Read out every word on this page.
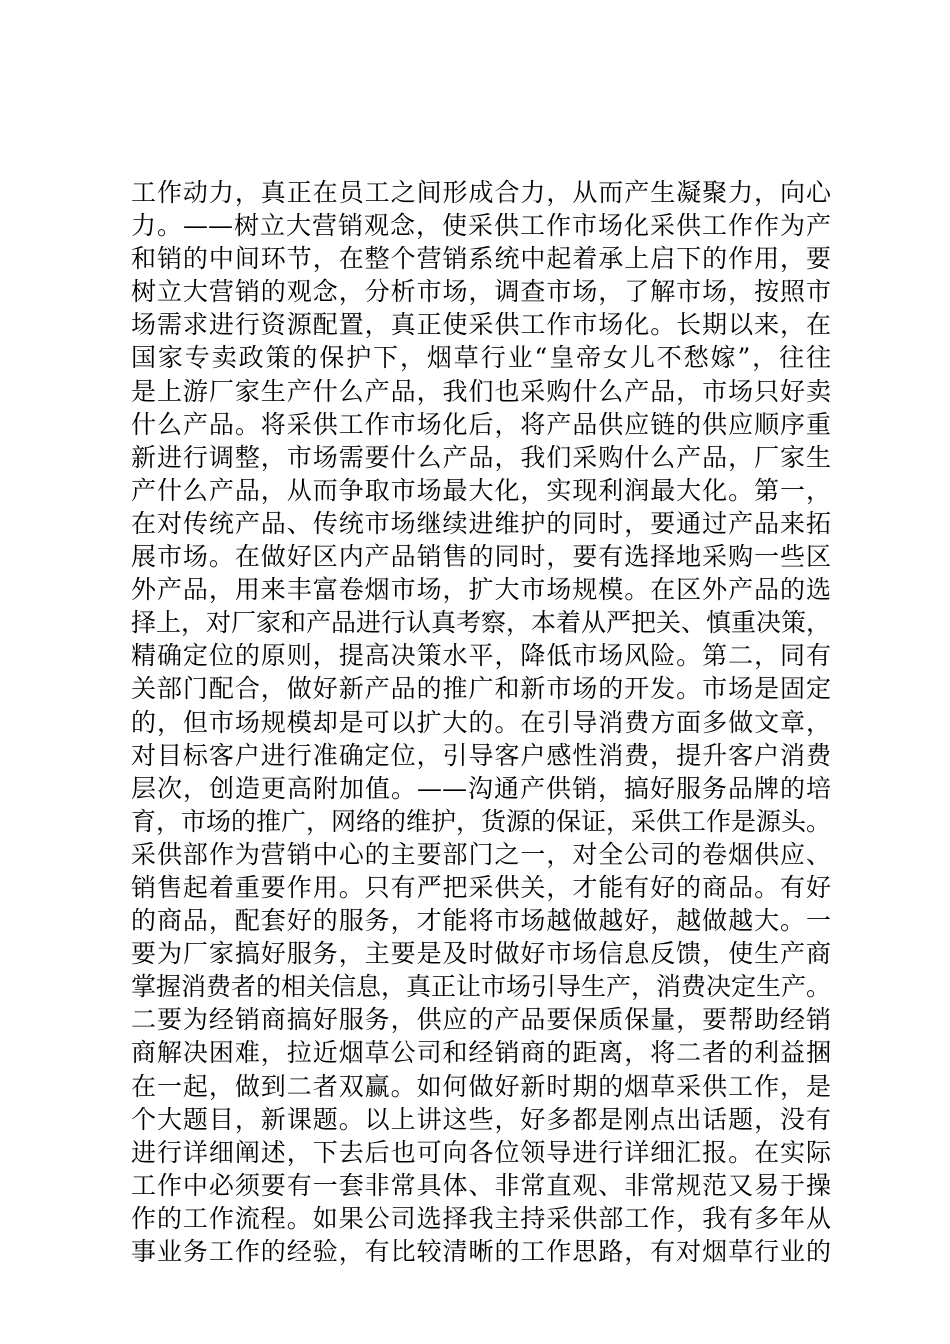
工作动力，真正在员工之间形成合力，从而产生凝聚力，向心
力。——树立大营销观念，使采供工作市场化采供工作作为产
和销的中间环节，在整个营销系统中起着承上启下的作用，要
树立大营销的观念，分析市场，调查市场，了解市场，按照市
场需求进行资源配置，真正使采供工作市场化。长期以来，在
国家专卖政策的保护下，烟草行业“皇帝女儿不愁嫁”，往往
是上游厂家生产什么产品，我们也采购什么产品，市场只好卖
什么产品。将采供工作市场化后，将产品供应链的供应顺序重
新进行调整，市场需要什么产品，我们采购什么产品，厂家生
产什么产品，从而争取市场最大化，实现利润最大化。第一，
在对传统产品、传统市场继续进维护的同时，要通过产品来拓
展市场。在做好区内产品销售的同时，要有选择地采购一些区
外产品，用来丰富卷烟市场，扩大市场规模。在区外产品的选
择上，对厂家和产品进行认真考察，本着从严把关、慎重决策，
精确定位的原则，提高决策水平，降低市场风险。第二，同有
关部门配合，做好新产品的推广和新市场的开发。市场是固定
的，但市场规模却是可以扩大的。在引导消费方面多做文章，
对目标客户进行准确定位，引导客户感性消费，提升客户消费
层次，创造更高附加值。——沟通产供销，搞好服务品牌的培
育，市场的推广，网络的维护，货源的保证，采供工作是源头。
采供部作为营销中心的主要部门之一，对全公司的卷烟供应、
销售起着重要作用。只有严把采供关，才能有好的商品。有好
的商品，配套好的服务，才能将市场越做越好，越做越大。一
要为厂家搞好服务，主要是及时做好市场信息反馈，使生产商
掌握消费者的相关信息，真正让市场引导生产，消费决定生产。
二要为经销商搞好服务，供应的产品要保质保量，要帮助经销
商解决困难，拉近烟草公司和经销商的距离，将二者的利益捆
在一起，做到二者双赢。如何做好新时期的烟草采供工作，是
个大题目，新课题。以上讲这些，好多都是刚点出话题，没有
进行详细阐述，下去后也可向各位领导进行详细汇报。在实际
工作中必须要有一套非常具体、非常直观、非常规范又易于操
作的工作流程。如果公司选择我主持采供部工作，我有多年从
事业务工作的经验，有比较清晰的工作思路，有对烟草行业的
